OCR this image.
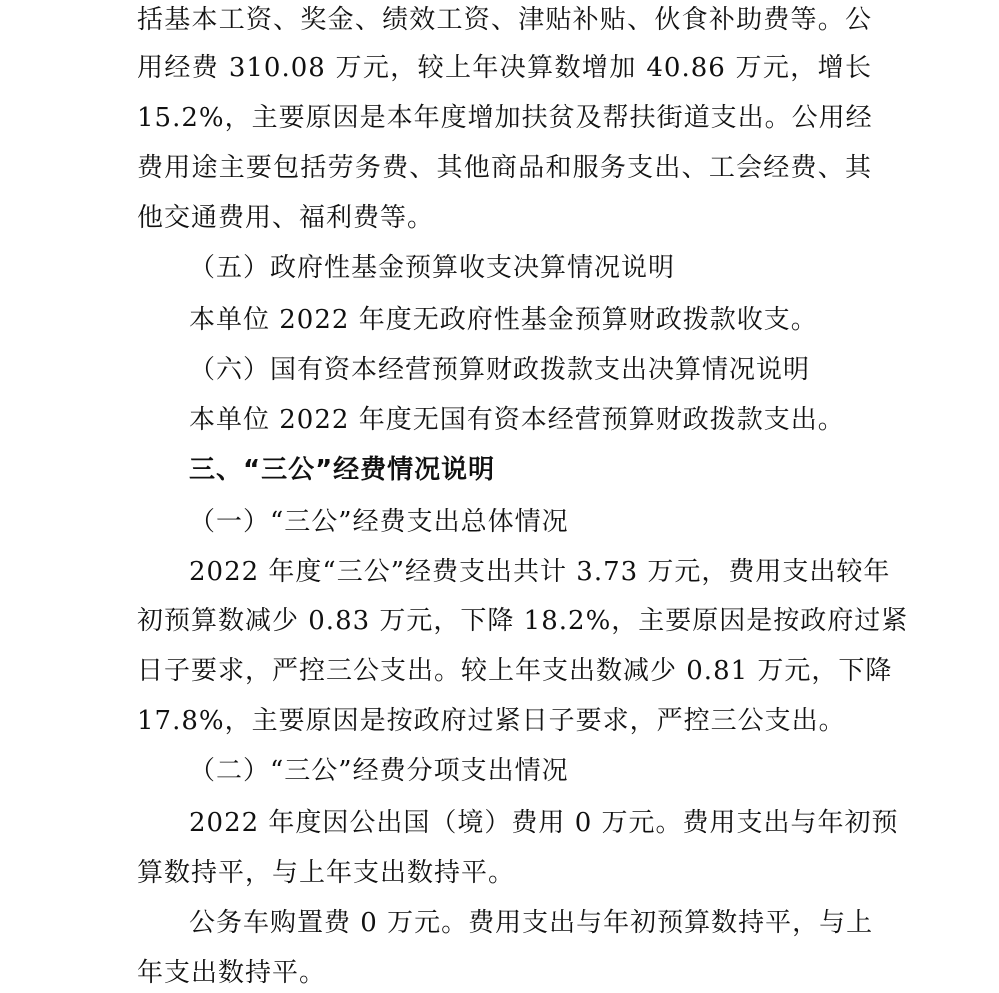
括基本工资、奖金、绩效工资、津贴补贴、伙食补助费等。公
用经费 310.08 万元，较上年决算数增加 40.86 万元，增长
15.2%，主要原因是本年度增加扶贫及帮扶街道支出。公用经
费用途主要包括劳务费、其他商品和服务支出、工会经费、其
他交通费用、福利费等。
（五）政府性基金预算收支决算情况说明
本单位 2022 年度无政府性基金预算财政拨款收支。
（六）国有资本经营预算财政拨款支出决算情况说明
本单位 2022 年度无国有资本经营预算财政拨款支出。
三、“三公”经费情况说明
（一）“三公”经费支出总体情况
2022 年度“三公”经费支出共计 3.73 万元，费用支出较年
初预算数减少 0.83 万元，下降 18.2%，主要原因是按政府过紧
日子要求，严控三公支出。较上年支出数减少 0.81 万元，下降
17.8%，主要原因是按政府过紧日子要求，严控三公支出。
（二）“三公”经费分项支出情况
2022 年度因公出国（境）费用 0 万元。费用支出与年初预
算数持平，与上年支出数持平。
公务车购置费 0 万元。费用支出与年初预算数持平，与上
年支出数持平。
